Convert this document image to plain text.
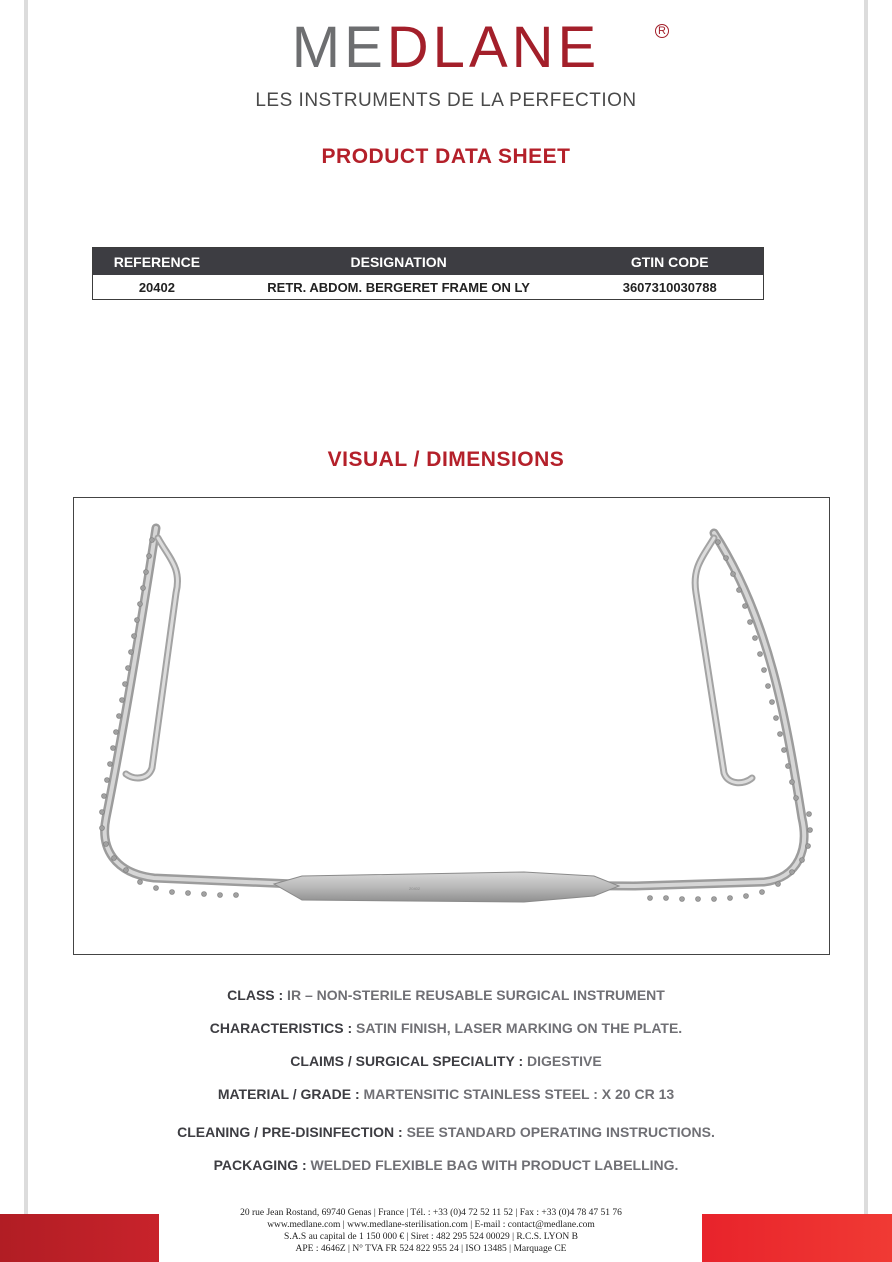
MEDLANE	R
LES INSTRUMENTS DE LA PERFECTION
PRODUCT DATA SHEET
REFERENCE	DESIGNATION	GTIN CODE
20402	RETR. ABDOM. BERGERET FRAME ON LY	3607310030788
VISUAL / DIMENSIONS
20402
CLASS : IR – NON-STERILE REUSABLE SURGICAL INSTRUMENT
CHARACTERISTICS : SATIN FINISH, LASER MARKING ON THE PLATE.
CLAIMS / SURGICAL SPECIALITY : DIGESTIVE
MATERIAL / GRADE : MARTENSITIC STAINLESS STEEL : X 20 CR 13
CLEANING / PRE-DISINFECTION : SEE STANDARD OPERATING INSTRUCTIONS.
PACKAGING : WELDED FLEXIBLE BAG WITH PRODUCT LABELLING.
20 rue Jean Rostand, 69740 Genas | France | Tél. : +33 (0)4 72 52 11 52 | Fax : +33 (0)4 78 47 51 76
www.medlane.com | www.medlane-sterilisation.com | E-mail : contact@medlane.com
S.A.S au capital de 1 150 000 € | Siret : 482 295 524 00029 | R.C.S. LYON B
APE : 4646Z | N° TVA FR 524 822 955 24 | ISO 13485 | Marquage CE
